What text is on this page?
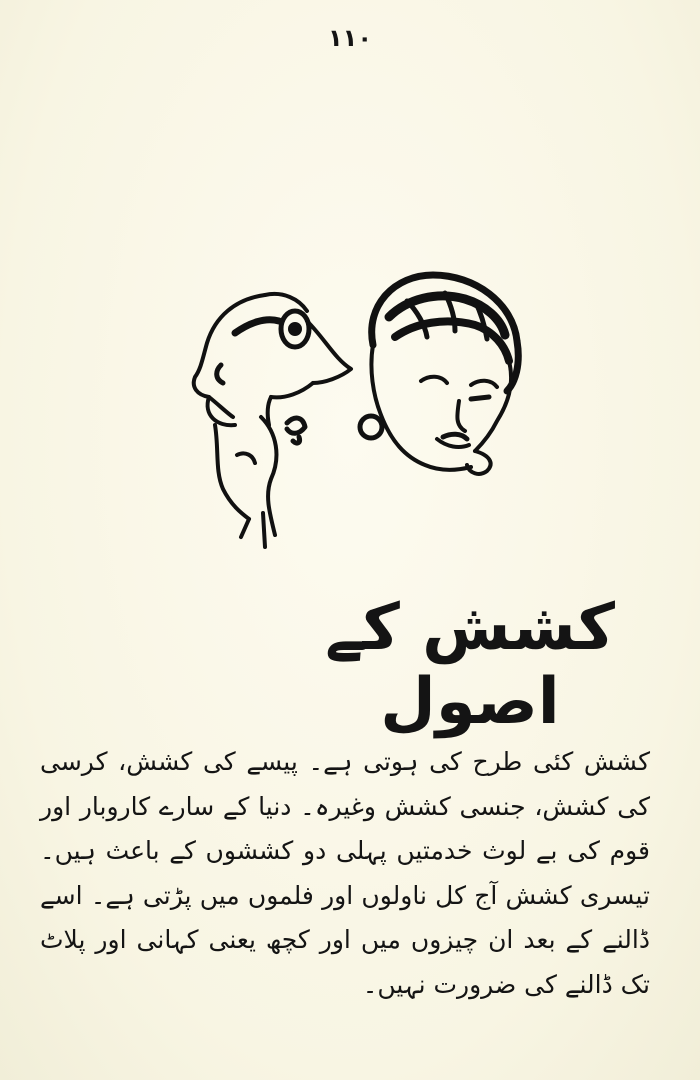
١١٠
کشش کے اصول
کشش کئی طرح کی ہوتی ہے۔ پیسے کی کشش، کرسی کی کشش، جنسی کشش وغیرہ۔ دنیا کے سارے کاروبار اور قوم کی بے لوث خدمتیں پہلی دو کششوں کے باعث ہیں۔ تیسری کشش آج کل ناولوں اور فلموں میں پڑتی ہے۔ اسے ڈالنے کے بعد ان چیزوں میں اور کچھ یعنی کہانی اور پلاٹ تک ڈالنے کی ضرورت نہیں۔
